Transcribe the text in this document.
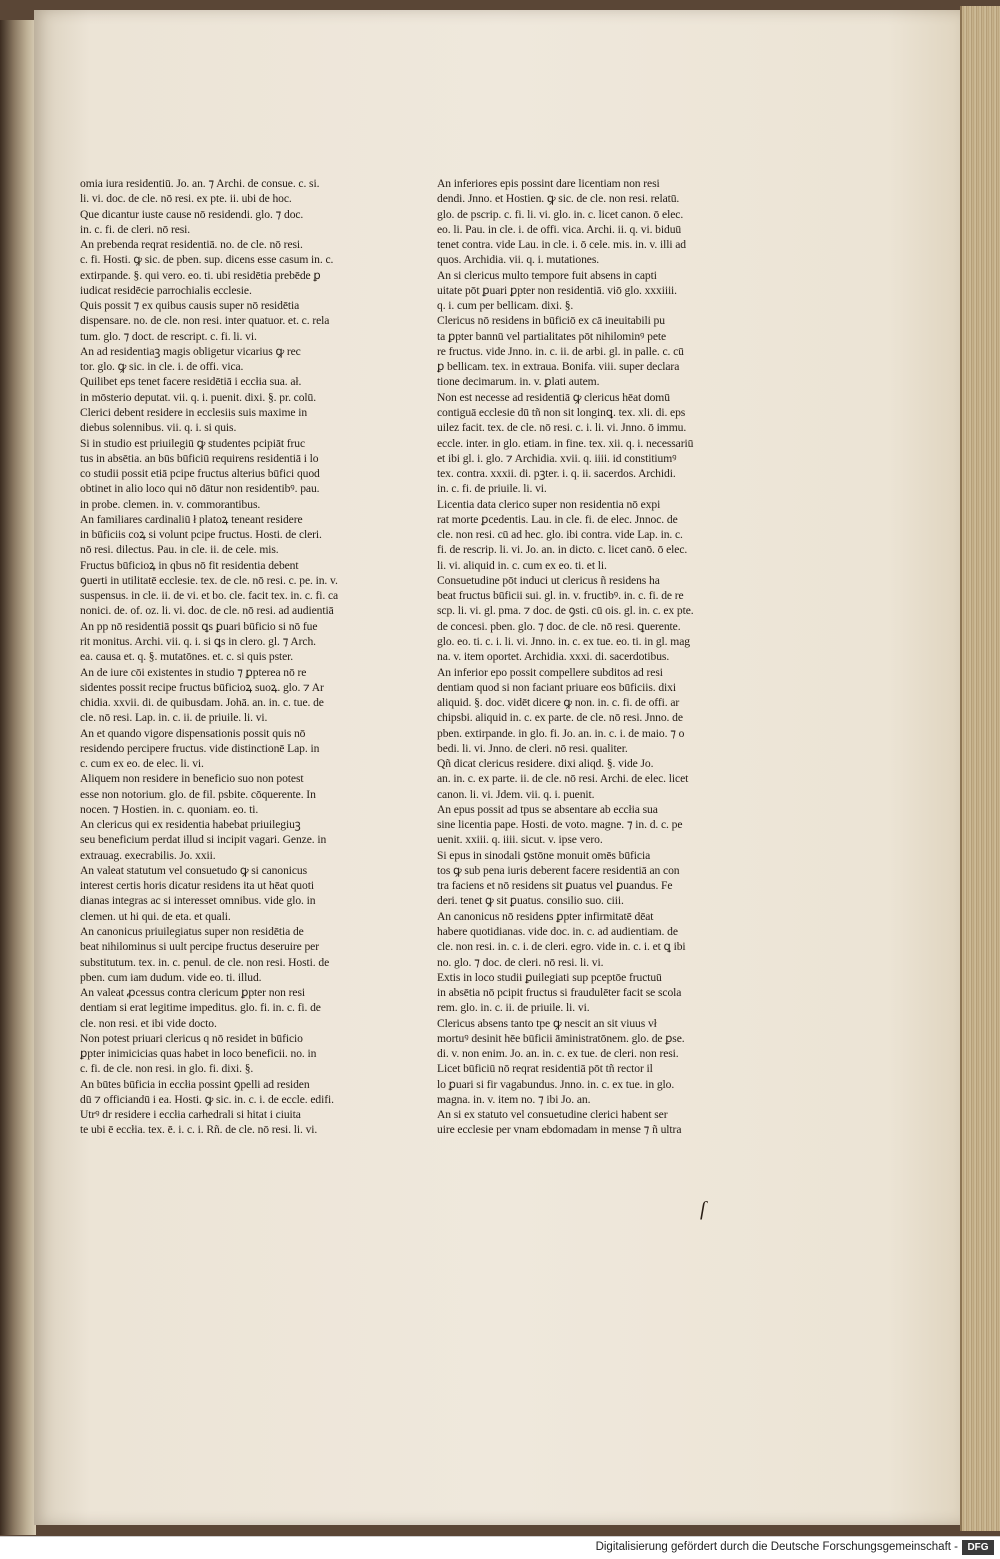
omia iura residentiū. Jo. an. ⁊ Archi. de consue. c. si.
li. vi. doc. de cle. nō resi. ex pte. ii. ubi de hoc.
Que dicantur iuste cause nō residendi. glo. ⁊ doc.
in. c. fi. de cleri. nō resi.
An prebenda reqrat residentiā. no. de cle. nō resi.
c. fi. Hosti. ꝙ sic. de pben. sup. dicens esse casum in. c.
extirpande. §. qui vero. eo. ti. ubi residētia prebēde ꝑ
iudicat residēcie parrochialis ecclesie.
Quis possit ⁊ ex quibus causis super nō residētia
dispensare. no. de cle. non resi. inter quatuor. et. c. rela
tum. glo. ⁊ doct. de rescript. c. fi. li. vi.
An ad residentiaꝫ magis obligetur vicarius ꝙ rec
tor. glo. ꝙ sic. in cle. i. de offi. vica.
Quilibet eps tenet facere residētiā i eccłia sua. ał.
in mōsterio deputat. vii. q. i. puenit. dixi. §. pr. colū.
Clerici debent residere in ecclesiis suis maxime in
diebus solennibus. vii. q. i. si quis.
Si in studio est priuilegiū ꝙ studentes pcipiāt fruc
tus in absētia. an būs būficiū requirens residentiā i lo
co studii possit etiā pcipe fructus alterius būfici quod
obtinet in alio loco qui nō dātur non residentibꝰ. pau.
in probe. clemen. in. v. commorantibus.
An familiares cardinaliū ł platoꝝ teneant residere
in būficiis coꝝ si volunt pcipe fructus. Hosti. de cleri.
nō resi. dilectus. Pau. in cle. ii. de cele. mis.
Fructus būficioꝝ in qbus nō fit residentia debent
ꝯuerti in utilitatē ecclesie. tex. de cle. nō resi. c. pe. in. v.
suspensus. in cle. ii. de vi. et bo. cle. facit tex. in. c. fi. ca
nonici. de. of. oz. li. vi. doc. de cle. nō resi. ad audientiā
An pp nō residentiā possit ꝗs ꝑuari būficio si nō fue
rit monitus. Archi. vii. q. i. si ꝗs in clero. gl. ⁊ Arch.
ea. causa et. q. §. mutatōnes. et. c. si quis pster.
An de iure cōi existentes in studio ⁊ ꝑpterea nō re
sidentes possit recipe fructus būficioꝝ suoꝝ. glo. ⁊ Ar
chidia. xxvii. di. de quibusdam. Johā. an. in. c. tue. de
cle. nō resi. Lap. in. c. ii. de priuile. li. vi.
An et quando vigore dispensationis possit quis nō
residendo percipere fructus. vide distinctionē Lap. in
c. cum ex eo. de elec. li. vi.
Aliquem non residere in beneficio suo non potest
esse non notorium. glo. de fil. psbite. cōquerente. In
nocen. ⁊ Hostien. in. c. quoniam. eo. ti.
An clericus qui ex residentia habebat priuilegiuꝫ
seu beneficium perdat illud si incipit vagari. Genze. in
extrauag. execrabilis. Jo. xxii.
An valeat statutum vel consuetudo ꝙ si canonicus
interest certis horis dicatur residens ita ut hēat quoti
dianas integras ac si interesset omnibus. vide glo. in
clemen. ut hi qui. de eta. et quali.
An canonicus priuilegiatus super non residētia de
beat nihilominus si uult percipe fructus deseruire per
substitutum. tex. in. c. penul. de cle. non resi. Hosti. de
pben. cum iam dudum. vide eo. ti. illud.
An valeat ꝓcessus contra clericum ꝑpter non resi
dentiam si erat legitime impeditus. glo. fi. in. c. fi. de
cle. non resi. et ibi vide docto.
Non potest priuari clericus q nō residet in būficio
ꝑpter inimicicias quas habet in loco beneficii. no. in
c. fi. de cle. non resi. in glo. fi. dixi. §.
An būtes būficia in eccłia possint ꝯpelli ad residen
dū ⁊ officiandū i ea. Hosti. ꝙ sic. in. c. i. de eccle. edifi.
Utrꝰ dr residere i eccłia carhedrali si hitat i ciuita
te ubi ē eccłia. tex. ē. i. c. i. Rñ. de cle. nō resi. li. vi.
An inferiores epis possint dare licentiam non resi
dendi. Jnno. et Hostien. ꝙ sic. de cle. non resi. relatū.
glo. de pscrip. c. fi. li. vi. glo. in. c. licet canon. ō elec.
eo. li. Pau. in cle. i. de offi. vica. Archi. ii. q. vi. biduū
tenet contra. vide Lau. in cle. i. ō cele. mis. in. v. illi ad
quos. Archidia. vii. q. i. mutationes.
An si clericus multo tempore fuit absens in capti
uitate pōt ꝑuari ꝑpter non residentiā. viō glo. xxxiiii.
q. i. cum per bellicam. dixi. §.
Clericus nō residens in būficiō ex cā ineuitabili pu
ta ꝑpter bannū vel partialitates pōt nihilominꝰ pete
re fructus. vide Jnno. in. c. ii. de arbi. gl. in palle. c. cū
ꝑ bellicam. tex. in extraua. Bonifa. viii. super declara
tione decimarum. in. v. ꝑlati autem.
Non est necesse ad residentiā ꝙ clericus hēat domū
contiguā ecclesie dū tñ non sit longinꝗ. tex. xli. di. eps
uilez facit. tex. de cle. nō resi. c. i. li. vi. Jnno. ō immu.
eccle. inter. in glo. etiam. in fine. tex. xii. q. i. necessariū
et ibi gl. i. glo. ⁊ Archidia. xvii. q. iiii. id constitiumꝰ
tex. contra. xxxii. di. pꝫter. i. q. ii. sacerdos. Archidi.
in. c. fi. de priuile. li. vi.
Licentia data clerico super non residentia nō expi
rat morte ꝑcedentis. Lau. in cle. fi. de elec. Jnnoc. de
cle. non resi. cū ad hec. glo. ibi contra. vide Lap. in. c.
fi. de rescrip. li. vi. Jo. an. in dicto. c. licet canō. ō elec.
li. vi. aliquid in. c. cum ex eo. ti. et li.
Consuetudine pōt induci ut clericus ñ residens ha
beat fructus būficii sui. gl. in. v. fructibꝰ. in. c. fi. de re
scp. li. vi. gl. pma. ⁊ doc. de ꝯsti. cū ois. gl. in. c. ex pte.
de concesi. pben. glo. ⁊ doc. de cle. nō resi. ꝗuerente.
glo. eo. ti. c. i. li. vi. Jnno. in. c. ex tue. eo. ti. in gl. mag
na. v. item oportet. Archidia. xxxi. di. sacerdotibus.
An inferior epo possit compellere subditos ad resi
dentiam quod si non faciant priuare eos būficiis. dixi
aliquid. §. doc. vidēt dicere ꝙ non. in. c. fi. de offi. ar
chipsbi. aliquid in. c. ex parte. de cle. nō resi. Jnno. de
pben. extirpande. in glo. fi. Jo. an. in. c. i. de maio. ⁊ o
bedi. li. vi. Jnno. de cleri. nō resi. qualiter.
Qñ dicat clericus residere. dixi aliqd. §. vide Jo.
an. in. c. ex parte. ii. de cle. nō resi. Archi. de elec. licet
canon. li. vi. Jdem. vii. q. i. puenit.
An epus possit ad tpus se absentare ab eccłia sua
sine licentia pape. Hosti. de voto. magne. ⁊ in. d. c. pe
uenit. xxiii. q. iiii. sicut. v. ipse vero.
Si epus in sinodali ꝯstōne monuit omēs būficia
tos ꝙ sub pena iuris deberent facere residentiā an con
tra faciens et nō residens sit ꝑuatus vel ꝑuandus. Fe
deri. tenet ꝙ sit ꝑuatus. consilio suo. ciii.
An canonicus nō residens ꝑpter infirmitatē dēat
habere quotidianas. vide doc. in. c. ad audientiam. de
cle. non resi. in. c. i. de cleri. egro. vide in. c. i. et ꝗ ibi
no. glo. ⁊ doc. de cleri. nō resi. li. vi.
Extis in loco studii ꝑuilegiati sup pceptōe fructuū
in absētia nō pcipit fructus si fraudulēter facit se scola
rem. glo. in. c. ii. de priuile. li. vi.
Clericus absens tanto tpe ꝙ nescit an sit viuus vł
mortuꝰ desinit hēe būficii āministratōnem. glo. de ꝑse.
di. v. non enim. Jo. an. in. c. ex tue. de cleri. non resi.
Licet būficiū nō reqrat residentiā pōt tñ rector il
lo ꝑuari si fir vagabundus. Jnno. in. c. ex tue. in glo.
magna. in. v. item no. ⁊ ibi Jo. an.
An si ex statuto vel consuetudine clerici habent ser
uire ecclesie per vnam ebdomadam in mense ⁊ ñ ultra
ſ
Digitalisierung gefördert durch die Deutsche Forschungsgemeinschaft - DFG
